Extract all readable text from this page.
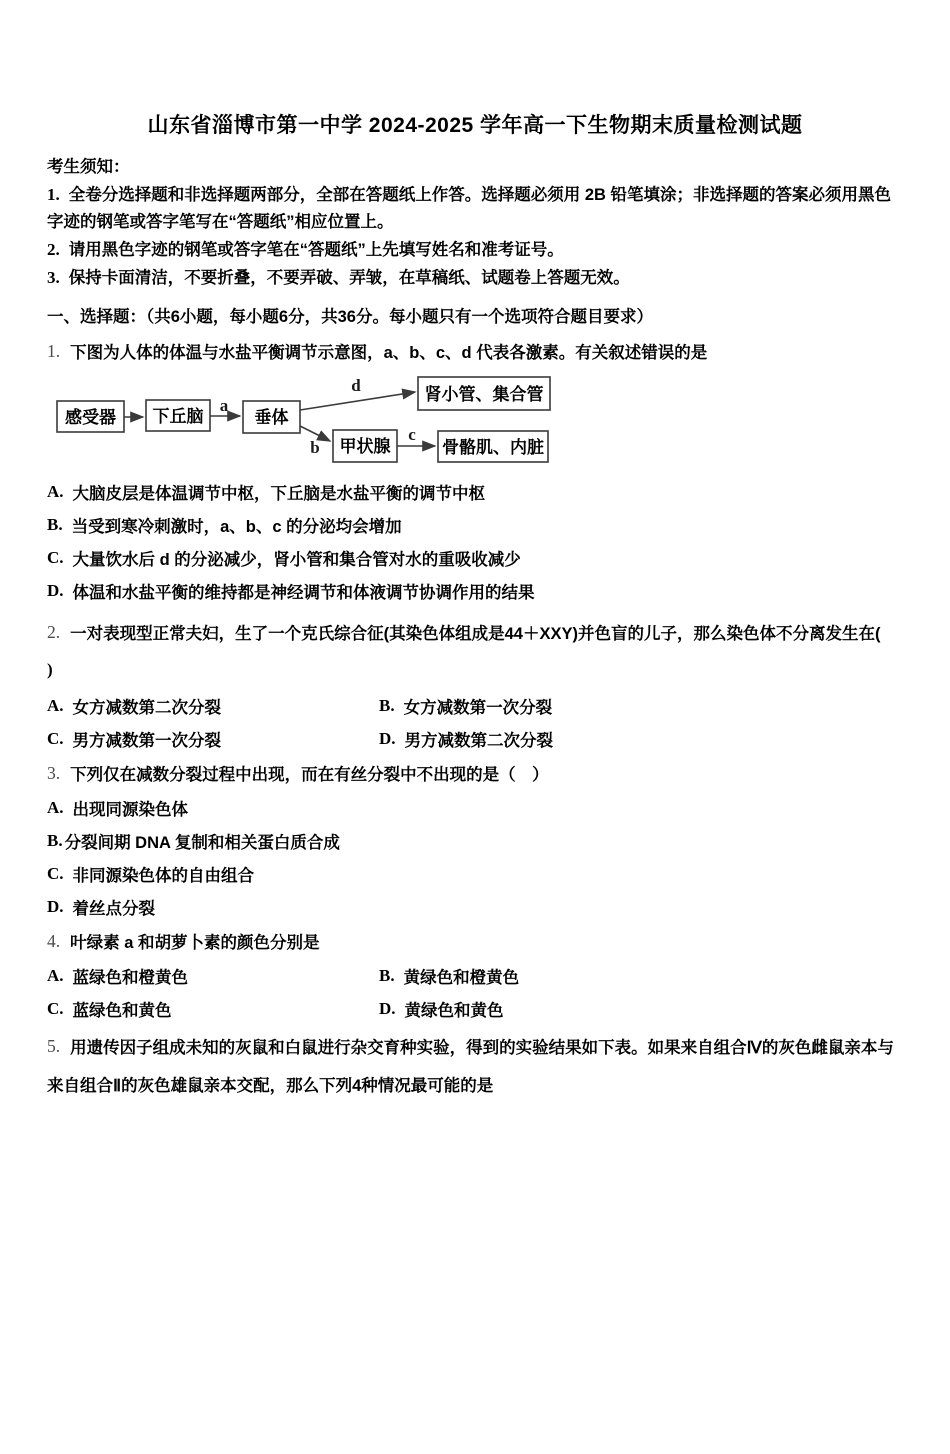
山东省淄博市第一中学 2024-2025 学年高一下生物期末质量检测试题
考生须知：
1. 全卷分选择题和非选择题两部分，全部在答题纸上作答。选择题必须用 2B 铅笔填涂；非选择题的答案必须用黑色
字迹的钢笔或答字笔写在“答题纸”相应位置上。
2. 请用黑色字迹的钢笔或答字笔在“答题纸”上先填写姓名和准考证号。
3. 保持卡面清洁，不要折叠，不要弄破、弄皱，在草稿纸、试题卷上答题无效。
一、选择题：（共6小题，每小题6分，共36分。每小题只有一个选项符合题目要求）
1. 下图为人体的体温与水盐平衡调节示意图，a、b、c、d 代表各激素。有关叙述错误的是
感受器 下丘脑	垂体
肾小管、集合管
甲状腺	骨骼肌、内脏
a
b
c
d
A. 大脑皮层是体温调节中枢，下丘脑是水盐平衡的调节中枢
B. 当受到寒冷刺激时，a、b、c 的分泌均会增加
C. 大量饮水后 d 的分泌减少，肾小管和集合管对水的重吸收减少
D. 体温和水盐平衡的维持都是神经调节和体液调节协调作用的结果
2. 一对表现型正常夫妇，生了一个克氏综合征(其染色体组成是44＋XXY)并色盲的儿子，那么染色体不分离发生在(
)
A. 女方减数第二次分裂	B. 女方减数第一次分裂
C. 男方减数第一次分裂	D. 男方减数第二次分裂
3. 下列仅在减数分裂过程中出现，而在有丝分裂中不出现的是（　）
A. 出现同源染色体
B. 分裂间期 DNA 复制和相关蛋白质合成
C. 非同源染色体的自由组合
D. 着丝点分裂
4. 叶绿素 a 和胡萝卜素的颜色分别是
A. 蓝绿色和橙黄色	B. 黄绿色和橙黄色
C. 蓝绿色和黄色	D. 黄绿色和黄色
5. 用遗传因子组成未知的灰鼠和白鼠进行杂交育种实验，得到的实验结果如下表。如果来自组合Ⅳ的灰色雌鼠亲本与
来自组合Ⅱ的灰色雄鼠亲本交配，那么下列4种情况最可能的是
